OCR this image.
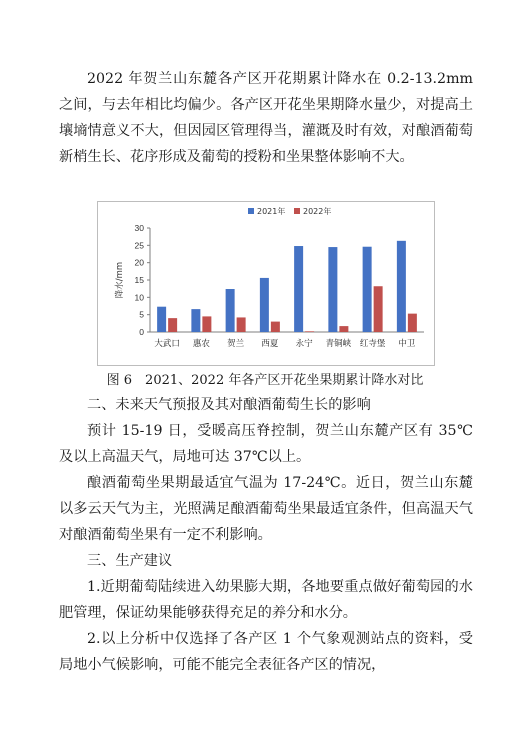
2022 年贺兰山东麓各产区开花期累计降水在 0.2-13.2mm 之间，与去年相比均偏少。各产区开花坐果期降水量少，对提高土壤墒情意义不大，但因园区管理得当，灌溉及时有效，对酿酒葡萄新梢生长、花序形成及葡萄的授粉和坐果整体影响不大。

0
5
10
15
20
25
30
降水/mm
大武口 惠农 贺兰 西夏 永宁 青铜峡 红寺堡 中卫
2021年 2022年
图 6　2021、2022 年各产区开花坐果期累计降水对比

二、未来天气预报及其对酿酒葡萄生长的影响

预计 15-19 日，受暖高压脊控制，贺兰山东麓产区有 35℃及以上高温天气，局地可达 37℃以上。

酿酒葡萄坐果期最适宜气温为 17-24℃。近日，贺兰山东麓以多云天气为主，光照满足酿酒葡萄坐果最适宜条件，但高温天气对酿酒葡萄坐果有一定不利影响。

三、生产建议

1.近期葡萄陆续进入幼果膨大期，各地要重点做好葡萄园的水肥管理，保证幼果能够获得充足的养分和水分。

2.以上分析中仅选择了各产区 1 个气象观测站点的资料，受局地小气候影响，可能不能完全表征各产区的情况，
